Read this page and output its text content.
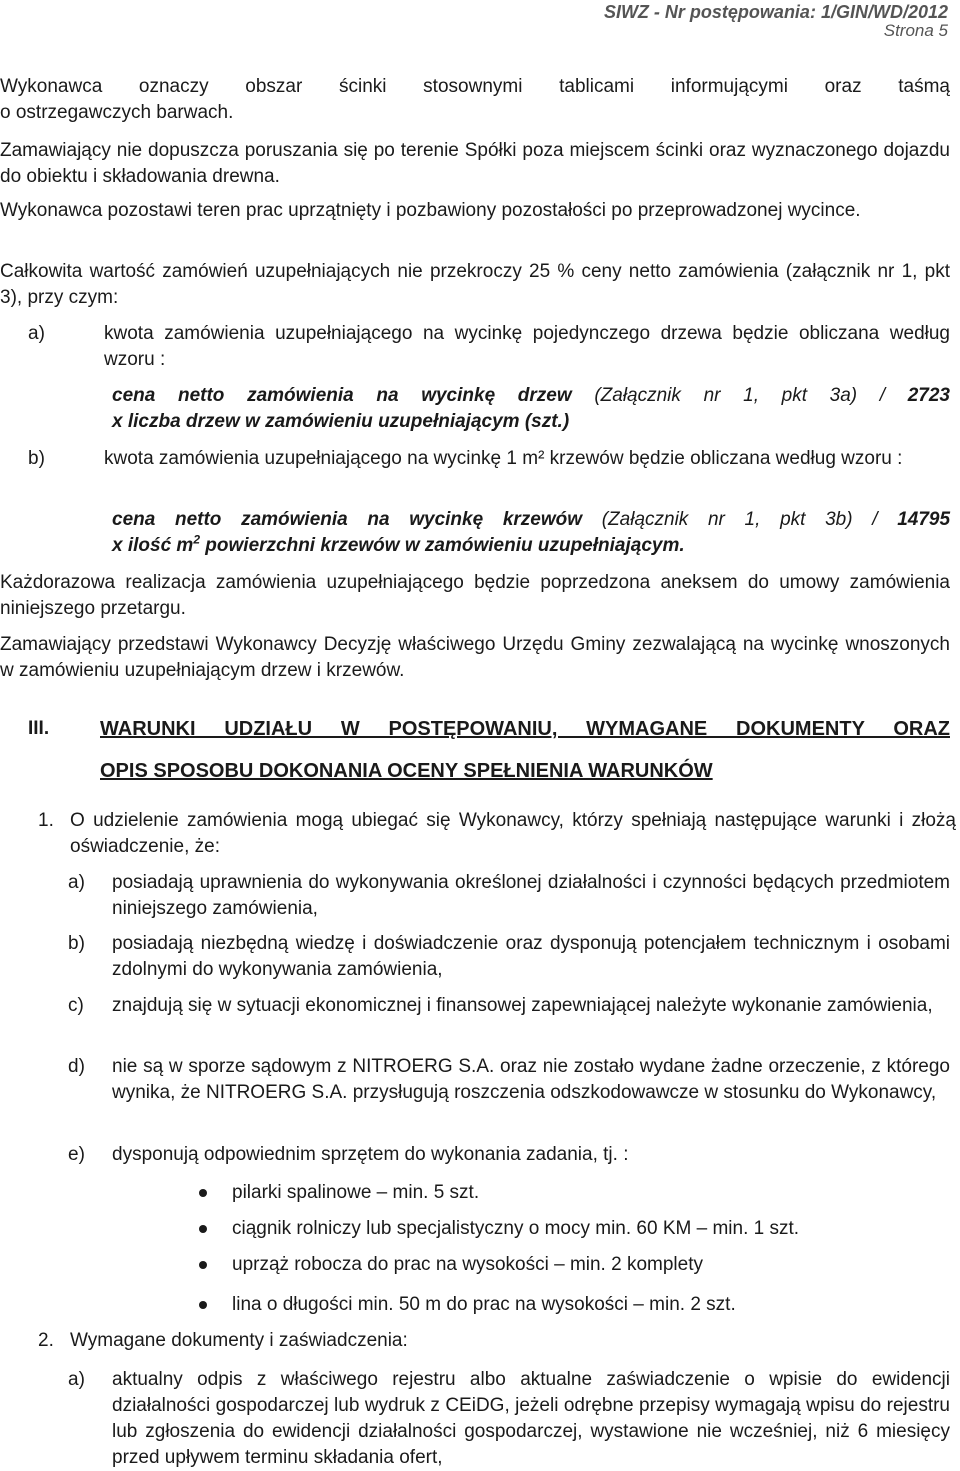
SIWZ - Nr postępowania: 1/GIN/WD/2012
Strona 5

Wykonawca oznaczy obszar ścinki stosownymi tablicami informującymi oraz taśmą

o ostrzegawczych barwach.

Zamawiający nie dopuszcza poruszania się po terenie Spółki poza miejscem ścinki oraz wyznaczonego dojazdu do obiektu i składowania drewna.

Wykonawca pozostawi teren prac uprzątnięty i pozbawiony pozostałości po przeprowadzonej wycince.

Całkowita wartość zamówień uzupełniających nie przekroczy 25 % ceny netto zamówienia (załącznik nr 1, pkt 3), przy czym:

a)	kwota zamówienia uzupełniającego na wycinkę pojedynczego drzewa będzie obliczana według wzoru :

cena netto zamówienia na wycinkę drzew (Załącznik nr 1, pkt 3a) / 2723
x liczba drzew w zamówieniu uzupełniającym (szt.)
b)	kwota zamówienia uzupełniającego na wycinkę 1 m² krzewów będzie obliczana według wzoru :

cena netto zamówienia na wycinkę krzewów (Załącznik nr 1, pkt 3b) / 14795
x ilość $m^2$ powierzchni krzewów w zamówieniu uzupełniającym.

Każdorazowa realizacja zamówienia uzupełniającego będzie poprzedzona aneksem do umowy zamówienia niniejszego przetargu.

Zamawiający przedstawi Wykonawcy Decyzję właściwego Urzędu Gminy zezwalającą na wycinkę wnoszonych w zamówieniu uzupełniającym drzew i krzewów.

III.	WARUNKI UDZIAŁU W POSTĘPOWANIU, WYMAGANE DOKUMENTY ORAZ
OPIS SPOSOBU DOKONANIA OCENY SPEŁNIENIA WARUNKÓW
1. O udzielenie zamówienia mogą ubiegać się Wykonawcy, którzy spełniają następujące warunki i złożą oświadczenie, że:

a) posiadają uprawnienia do wykonywania określonej działalności i czynności będących przedmiotem niniejszego zamówienia,

b) posiadają niezbędną wiedzę i doświadczenie oraz dysponują potencjałem technicznym i osobami zdolnymi do wykonywania zamówienia,

c) znajdują się w sytuacji ekonomicznej i finansowej zapewniającej należyte wykonanie zamówienia,

d) nie są w sporze sądowym z NITROERG S.A. oraz nie zostało wydane żadne orzeczenie, z którego wynika, że NITROERG S.A. przysługują roszczenia odszkodowawcze w stosunku do Wykonawcy,

e) dysponują odpowiednim sprzętem do wykonania zadania, tj. :

pilarki spalinowe – min. 5 szt.
ciągnik rolniczy lub specjalistyczny o mocy min. 60 KM – min. 1 szt.
uprząż robocza do prac na wysokości – min. 2 komplety
lina o długości min. 50 m do prac na wysokości – min. 2 szt.
2. Wymagane dokumenty i zaświadczenia:
a) aktualny odpis z właściwego rejestru albo aktualne zaświadczenie o wpisie do ewidencji działalności gospodarczej lub wydruk z CEiDG, jeżeli odrębne przepisy wymagają wpisu do rejestru lub zgłoszenia do ewidencji działalności gospodarczej, wystawione nie wcześniej, niż 6 miesięcy przed upływem terminu składania ofert,
